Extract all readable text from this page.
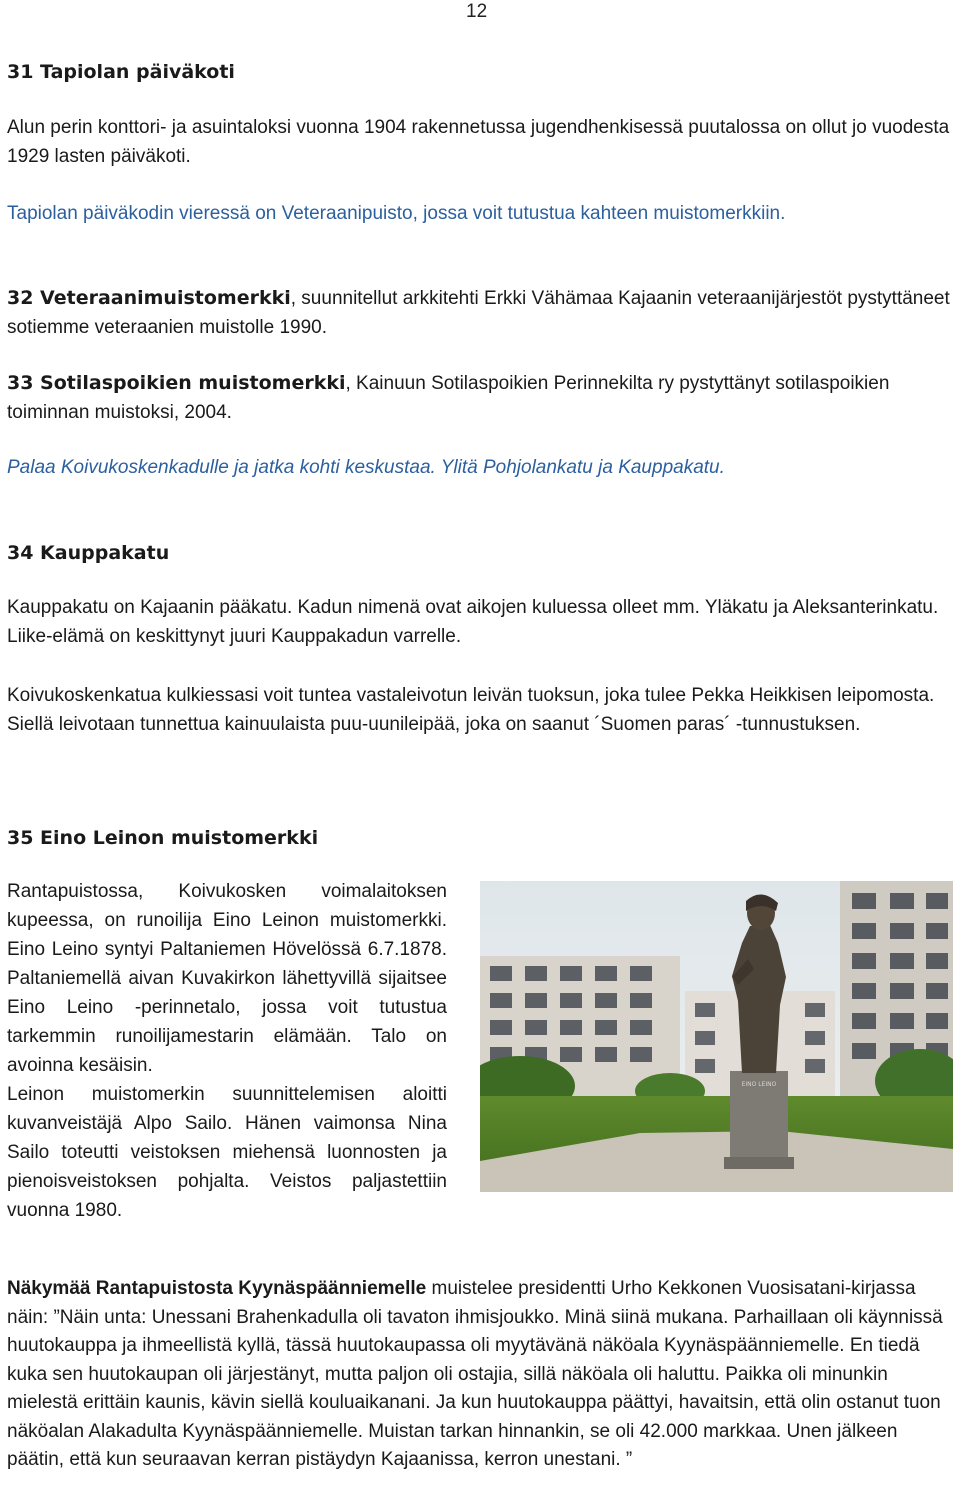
12
31 Tapiolan päiväkoti

Alun perin konttori- ja asuintaloksi vuonna 1904 rakennetussa jugendhenkisessä puutalossa on ollut jo vuodesta 1929 lasten päiväkoti.

Tapiolan päiväkodin vieressä on Veteraanipuisto, jossa voit tutustua kahteen muistomerkkiin.

32 Veteraanimuistomerkki, suunnitellut arkkitehti Erkki Vähämaa Kajaanin veteraanijärjestöt pystyttäneet sotiemme veteraanien muistolle 1990.

33 Sotilaspoikien muistomerkki, Kainuun Sotilaspoikien Perinnekilta ry pystyttänyt sotilaspoikien toiminnan muistoksi, 2004.

Palaa Koivukoskenkadulle ja jatka kohti keskustaa. Ylitä Pohjolankatu ja Kauppakatu.

34 Kauppakatu

Kauppakatu on Kajaanin pääkatu. Kadun nimenä ovat aikojen kuluessa olleet mm. Yläkatu ja Aleksanterinkatu. Liike-elämä on keskittynyt juuri Kauppakadun varrelle.

Koivukoskenkatua kulkiessasi voit tuntea vastaleivotun leivän tuoksun, joka tulee Pekka Heikkisen leipomosta. Siellä leivotaan tunnettua kainuulaista puu-uunileipää, joka on saanut ´Suomen paras´ -tunnustuksen.

35 Eino Leinon muistomerkki

Rantapuistossa, Koivukosken voimalaitoksen kupeessa, on runoilija Eino Leinon muistomerkki. Eino Leino syntyi Paltaniemen Hövelössä 6.7.1878. Paltaniemellä aivan Kuvakirkon lähettyvillä sijaitsee Eino Leino -perinnetalo, jossa voit tutustua tarkemmin runoilijamestarin elämään. Talo on avoinna kesäisin.

Leinon muistomerkin suunnittelemisen aloitti kuvanveistäjä Alpo Sailo. Hänen vaimonsa Nina Sailo toteutti veistoksen miehensä luonnosten ja pienoisveistoksen pohjalta. Veistos paljastettiin vuonna 1980.

EINO LEINO

Näkymää Rantapuistosta Kyynäspäänniemelle muistelee presidentti Urho Kekkonen Vuosisatani-kirjassa näin: ”Näin unta: Unessani Brahenkadulla oli tavaton ihmisjoukko. Minä siinä mukana. Parhaillaan oli käynnissä huutokauppa ja ihmeellistä kyllä, tässä huutokaupassa oli myytävänä näköala Kyynäspäänniemelle. En tiedä kuka sen huutokaupan oli järjestänyt, mutta paljon oli ostajia, sillä näköala oli haluttu. Paikka oli minunkin mielestä erittäin kaunis, kävin siellä kouluaikanani. Ja kun huutokauppa päättyi, havaitsin, että olin ostanut tuon näköalan Alakadulta Kyynäspäänniemelle. Muistan tarkan hinnankin, se oli 42.000 markkaa. Unen jälkeen päätin, että kun seuraavan kerran pistäydyn Kajaanissa, kerron unestani. ”
